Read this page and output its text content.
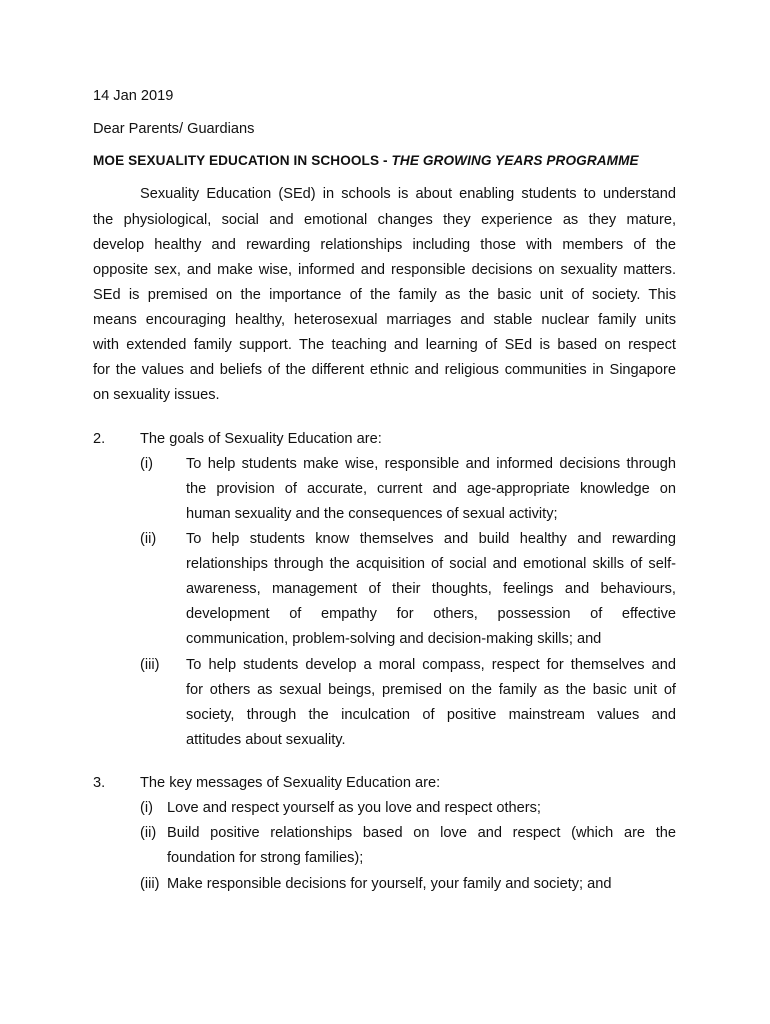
14 Jan 2019
Dear Parents/ Guardians
MOE SEXUALITY EDUCATION IN SCHOOLS - THE GROWING YEARS PROGRAMME
Sexuality Education (SEd) in schools is about enabling students to understand
the physiological, social and emotional changes they experience as they mature,
develop healthy and rewarding relationships including those with members of the
opposite sex, and make wise, informed and responsible decisions on sexuality matters.
SEd is premised on the importance of the family as the basic unit of society. This
means encouraging healthy, heterosexual marriages and stable nuclear family units
with extended family support. The teaching and learning of SEd is based on respect
for the values and beliefs of the different ethnic and religious communities in Singapore
on sexuality issues.
2. The goals of Sexuality Education are:
(i) To help students make wise, responsible and informed decisions through
the provision of accurate, current and age-appropriate knowledge on
human sexuality and the consequences of sexual activity;
(ii) To help students know themselves and build healthy and rewarding
relationships through the acquisition of social and emotional skills of self-
awareness, management of their thoughts, feelings and behaviours,
development of empathy for others, possession of effective
communication, problem-solving and decision-making skills; and
(iii) To help students develop a moral compass, respect for themselves and
for others as sexual beings, premised on the family as the basic unit of
society, through the inculcation of positive mainstream values and
attitudes about sexuality.
3. The key messages of Sexuality Education are:
(i) Love and respect yourself as you love and respect others;
(ii) Build positive relationships based on love and respect (which are the
foundation for strong families);
(iii) Make responsible decisions for yourself, your family and society; and
